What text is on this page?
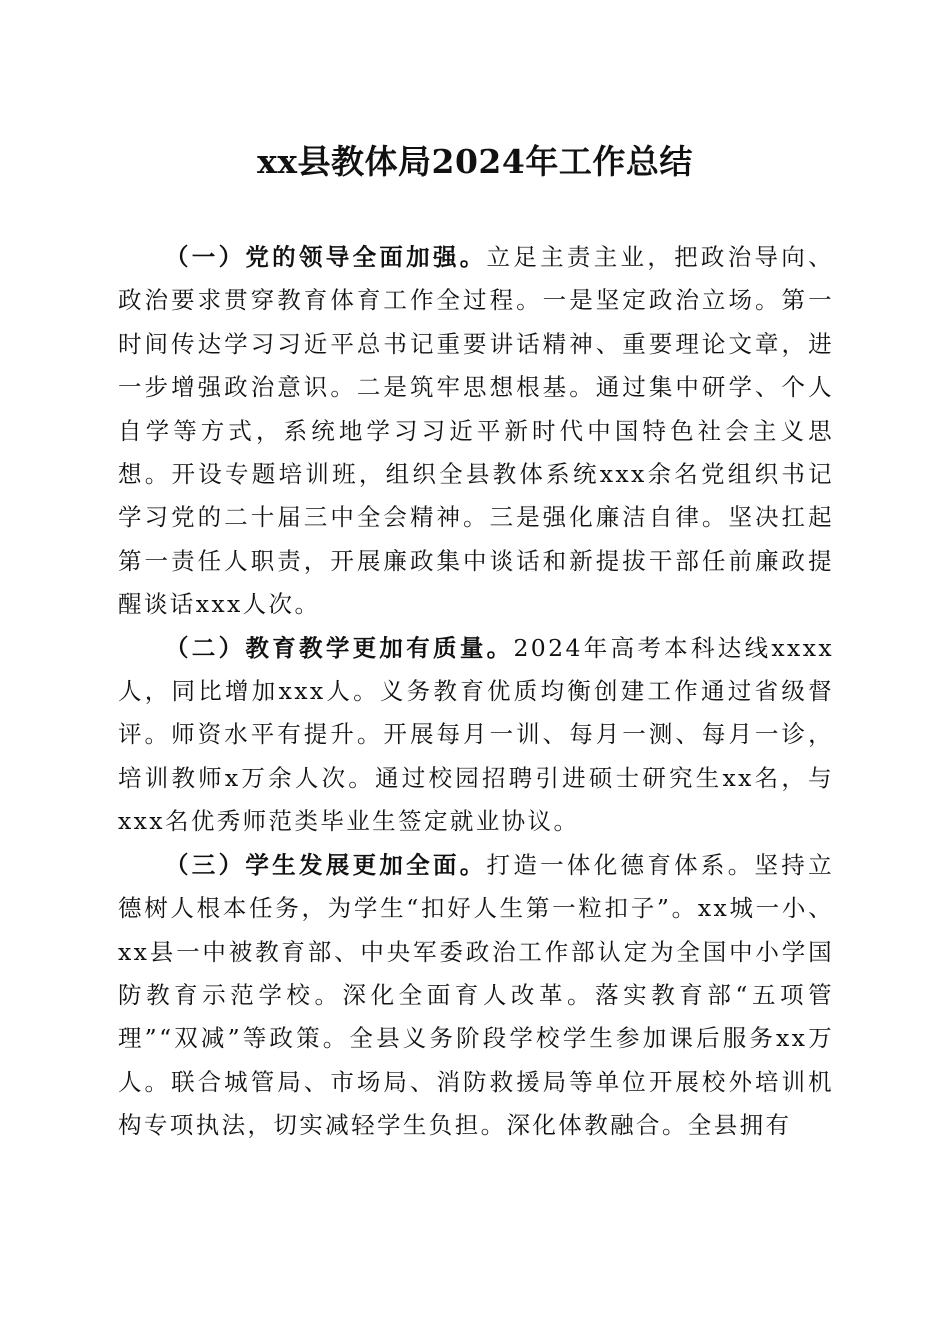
xx县教体局2024年工作总结

（一）党的领导全面加强。立足主责主业，把政治导向、政治要求贯穿教育体育工作全过程。一是坚定政治立场。第一时间传达学习习近平总书记重要讲话精神、重要理论文章，进一步增强政治意识。二是筑牢思想根基。通过集中研学、个人自学等方式，系统地学习习近平新时代中国特色社会主义思想。开设专题培训班，组织全县教体系统xxx余名党组织书记学习党的二十届三中全会精神。三是强化廉洁自律。坚决扛起第一责任人职责，开展廉政集中谈话和新提拔干部任前廉政提醒谈话xxx人次。

（二）教育教学更加有质量。2024年高考本科达线xxxx人，同比增加xxx人。义务教育优质均衡创建工作通过省级督评。师资水平有提升。开展每月一训、每月一测、每月一诊，培训教师x万余人次。通过校园招聘引进硕士研究生xx名，与xxx名优秀师范类毕业生签定就业协议。

（三）学生发展更加全面。打造一体化德育体系。坚持立德树人根本任务，为学生“扣好人生第一粒扣子”。xx城一小、xx县一中被教育部、中央军委政治工作部认定为全国中小学国防教育示范学校。深化全面育人改革。落实教育部“五项管理”“双减”等政策。全县义务阶段学校学生参加课后服务xx万人。联合城管局、市场局、消防救援局等单位开展校外培训机构专项执法，切实减轻学生负担。深化体教融合。全县拥有
